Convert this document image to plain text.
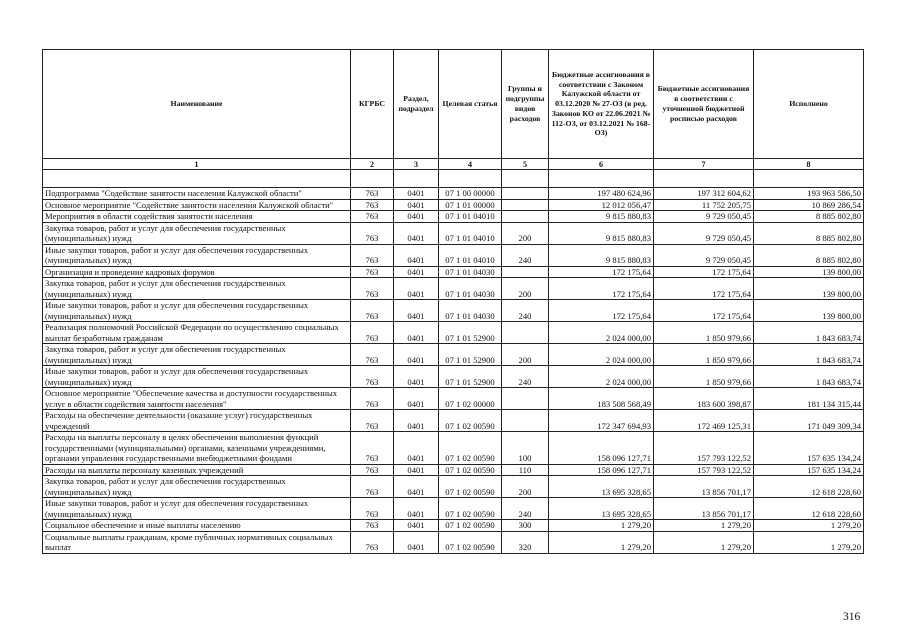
Наименование	КГРБС	Раздел, подраздел	Целевая статья	Группы и подгруппы видов расходов	Бюджетные ассигнования в соответствии с Законом Калужской области от 03.12.2020 № 27-ОЗ (в ред. Законов КО от 22.06.2021 № 112-ОЗ, от 03.12.2021 № 168-ОЗ)	Бюджетные ассигнования в соответствии с уточненной бюджетной росписью расходов	Исполнено
1	2	3	4	5	6	7	8

Подпрограмма "Содействие занятости населения Калужской области"	763	0401	07 1 00 00000		197 480 624,96	197 312 604,62	193 963 586,50
Основное мероприятие "Содействие занятости населения Калужской области"	763	0401	07 1 01 00000		12 012 056,47	11 752 205,75	10 869 286,54
Мероприятия в области содействия занятости населения	763	0401	07 1 01 04010		9 815 880,83	9 729 050,45	8 885 802,80
Закупка товаров, работ и услуг для обеспечения государственных (муниципальных) нужд	763	0401	07 1 01 04010	200	9 815 880,83	9 729 050,45	8 885 802,80
Иные закупки товаров, работ и услуг для обеспечения государственных (муниципальных) нужд	763	0401	07 1 01 04010	240	9 815 880,83	9 729 050,45	8 885 802,80
Организация и проведение кадровых форумов	763	0401	07 1 01 04030		172 175,64	172 175,64	139 800,00
Закупка товаров, работ и услуг для обеспечения государственных (муниципальных) нужд	763	0401	07 1 01 04030	200	172 175,64	172 175,64	139 800,00
Иные закупки товаров, работ и услуг для обеспечения государственных (муниципальных) нужд	763	0401	07 1 01 04030	240	172 175,64	172 175,64	139 800,00
Реализация полномочий Российской Федерации по осуществлению социальных выплат безработным гражданам	763	0401	07 1 01 52900		2 024 000,00	1 850 979,66	1 843 683,74
Закупка товаров, работ и услуг для обеспечения государственных (муниципальных) нужд	763	0401	07 1 01 52900	200	2 024 000,00	1 850 979,66	1 843 683,74
Иные закупки товаров, работ и услуг для обеспечения государственных (муниципальных) нужд	763	0401	07 1 01 52900	240	2 024 000,00	1 850 979,66	1 843 683,74
Основное мероприятие "Обеспечение качества и доступности государственных услуг в области содействия занятости населения"	763	0401	07 1 02 00000		183 508 568,49	183 600 398,87	181 134 315,44
Расходы на обеспечение деятельности (оказание услуг) государственных учреждений	763	0401	07 1 02 00590		172 347 694,93	172 469 125,31	171 049 309,34
Расходы на выплаты персоналу в целях обеспечения выполнения функций государственными (муниципальными) органами, казенными учреждениями, органами управления государственными внебюджетными фондами	763	0401	07 1 02 00590	100	158 096 127,71	157 793 122,52	157 635 134,24
Расходы на выплаты персоналу казенных учреждений	763	0401	07 1 02 00590	110	158 096 127,71	157 793 122,52	157 635 134,24
Закупка товаров, работ и услуг для обеспечения государственных (муниципальных) нужд	763	0401	07 1 02 00590	200	13 695 328,65	13 856 701,17	12 618 228,60
Иные закупки товаров, работ и услуг для обеспечения государственных (муниципальных) нужд	763	0401	07 1 02 00590	240	13 695 328,65	13 856 701,17	12 618 228,60
Социальное обеспечение и иные выплаты населению	763	0401	07 1 02 00590	300	1 279,20	1 279,20	1 279,20
Социальные выплаты гражданам, кроме публичных нормативных социальных выплат	763	0401	07 1 02 00590	320	1 279,20	1 279,20	1 279,20
316
